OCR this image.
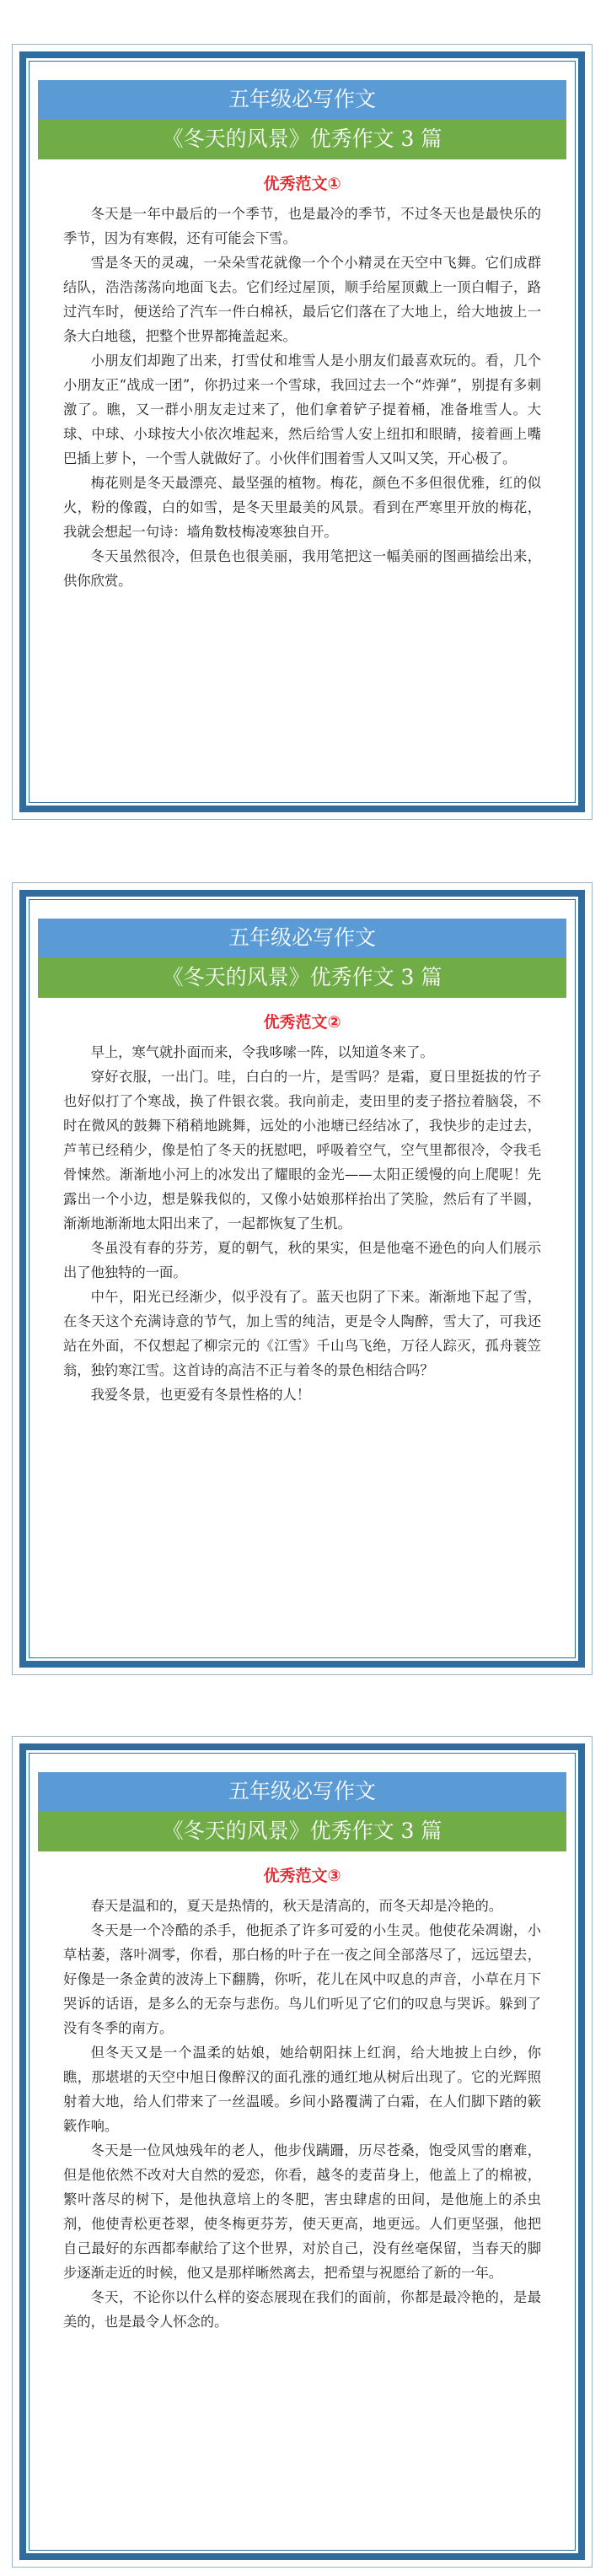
五年级必写作文
《冬天的风景》优秀作文 3 篇
优秀范文①

冬天是一年中最后的一个季节，也是最冷的季节，不过冬天也是最快乐的季节，因为有寒假，还有可能会下雪。

雪是冬天的灵魂，一朵朵雪花就像一个个小精灵在天空中飞舞。它们成群结队，浩浩荡荡向地面飞去。它们经过屋顶，顺手给屋顶戴上一顶白帽子，路过汽车时，便送给了汽车一件白棉袄，最后它们落在了大地上，给大地披上一条大白地毯，把整个世界都掩盖起来。

小朋友们却跑了出来，打雪仗和堆雪人是小朋友们最喜欢玩的。看，几个小朋友正“战成一团”，你扔过来一个雪球，我回过去一个“炸弹”，别提有多刺激了。瞧，又一群小朋友走过来了，他们拿着铲子提着桶，准备堆雪人。大球、中球、小球按大小依次堆起来，然后给雪人安上纽扣和眼睛，接着画上嘴巴插上萝卜，一个雪人就做好了。小伙伴们围着雪人又叫又笑，开心极了。

梅花则是冬天最漂亮、最坚强的植物。梅花，颜色不多但很优雅，红的似火，粉的像霞，白的如雪，是冬天里最美的风景。看到在严寒里开放的梅花，我就会想起一句诗：墙角数枝梅凌寒独自开。

冬天虽然很冷，但景色也很美丽，我用笔把这一幅美丽的图画描绘出来，供你欣赏。

五年级必写作文
《冬天的风景》优秀作文 3 篇
优秀范文②

早上，寒气就扑面而来，令我哆嗦一阵，以知道冬来了。

穿好衣服，一出门。哇，白白的一片，是雪吗？是霜，夏日里挺拔的竹子也好似打了个寒战，换了件银衣裳。我向前走，麦田里的麦子搭拉着脑袋，不时在微风的鼓舞下稍稍地跳舞，远处的小池塘已经结冰了，我快步的走过去，芦苇已经稍少，像是怕了冬天的抚慰吧，呼吸着空气，空气里都很冷，令我毛骨悚然。渐渐地小河上的冰发出了耀眼的金光——太阳正缓慢的向上爬呢！先露出一个小边，想是躲我似的，又像小姑娘那样抬出了笑脸，然后有了半圆，渐渐地渐渐地太阳出来了，一起都恢复了生机。

冬虽没有春的芬芳，夏的朝气，秋的果实，但是他毫不逊色的向人们展示出了他独特的一面。

中午，阳光已经渐少，似乎没有了。蓝天也阴了下来。渐渐地下起了雪，在冬天这个充满诗意的节气，加上雪的纯洁，更是令人陶醉，雪大了，可我还站在外面，不仅想起了柳宗元的《江雪》千山鸟飞绝，万径人踪灭，孤舟蓑笠翁，独钓寒江雪。这首诗的高洁不正与着冬的景色相结合吗？

我爱冬景，也更爱有冬景性格的人！

五年级必写作文
《冬天的风景》优秀作文 3 篇
优秀范文③

春天是温和的，夏天是热情的，秋天是清高的，而冬天却是冷艳的。

冬天是一个冷酷的杀手，他扼杀了许多可爱的小生灵。他使花朵凋谢，小草枯萎，落叶凋零，你看，那白杨的叶子在一夜之间全部落尽了，远远望去，好像是一条金黄的波涛上下翻腾，你听，花儿在风中叹息的声音，小草在月下哭诉的话语，是多么的无奈与悲伤。鸟儿们听见了它们的叹息与哭诉。躲到了没有冬季的南方。

但冬天又是一个温柔的姑娘，她给朝阳抹上红润，给大地披上白纱，你瞧，那堪堪的天空中旭日像醉汉的面孔涨的通红地从树后出现了。它的光辉照射着大地，给人们带来了一丝温暖。乡间小路覆满了白霜，在人们脚下踏的簌簌作响。

冬天是一位风烛残年的老人，他步伐蹒跚，历尽苍桑，饱受风雪的磨难，但是他依然不改对大自然的爱恋，你看，越冬的麦苗身上，他盖上了的棉被，繁叶落尽的树下，是他执意培上的冬肥，害虫肆虐的田间，是他施上的杀虫剂，他使青松更苍翠，使冬梅更芬芳，使天更高，地更远。人们更坚强，他把自己最好的东西都奉献给了这个世界，对於自己，没有丝毫保留，当春天的脚步逐渐走近的时候，他又是那样晰然离去，把希望与祝愿给了新的一年。

冬天，不论你以什么样的姿态展现在我们的面前，你都是最冷艳的，是最美的，也是最令人怀念的。
